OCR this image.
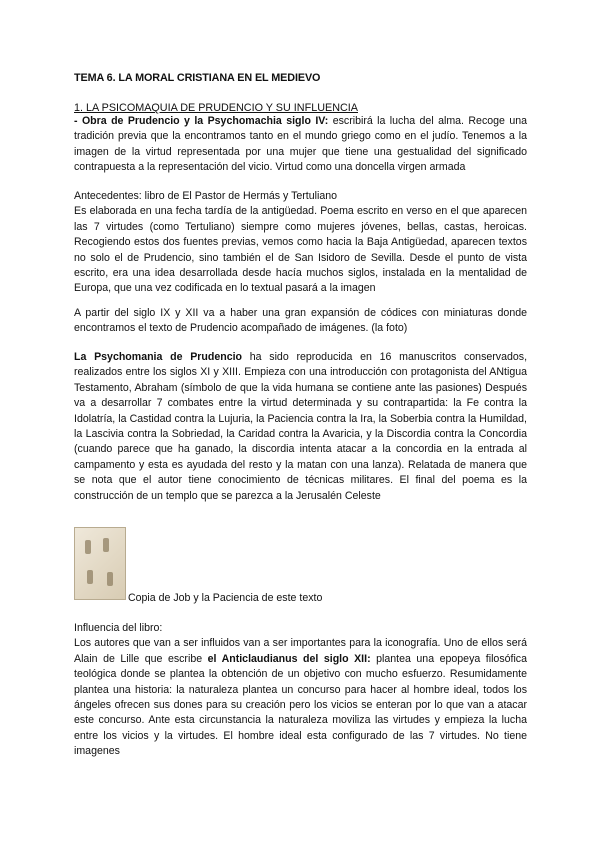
TEMA 6. LA MORAL CRISTIANA EN EL MEDIEVO
1. LA PSICOMAQUIA DE PRUDENCIO Y SU INFLUENCIA
- Obra de Prudencio y la Psychomachia siglo IV: escribirá la lucha del alma. Recoge una tradición previa que la encontramos tanto en el mundo griego como en el judío. Tenemos a la imagen de la virtud representada por una mujer que tiene una gestualidad del significado contrapuesta a la representación del vicio. Virtud como una doncella virgen armada
Antecedentes: libro de El Pastor de Hermás y Tertuliano
Es elaborada en una fecha tardía de la antigüedad. Poema escrito en verso en el que aparecen las 7 virtudes (como Tertuliano) siempre como mujeres jóvenes, bellas, castas, heroicas. Recogiendo estos dos fuentes previas, vemos como hacia la Baja Antigüedad, aparecen textos no solo el de Prudencio, sino también el de San Isidoro de Sevilla. Desde el punto de vista escrito, era una idea desarrollada desde hacía muchos siglos, instalada en la mentalidad de Europa, que una vez codificada en lo textual pasará a la imagen
A partir del siglo IX y XII va a haber una gran expansión de códices con miniaturas donde encontramos el texto de Prudencio acompañado de imágenes. (la foto)
La Psychomania de Prudencio ha sido reproducida en 16 manuscritos conservados, realizados entre los siglos XI y XIII. Empieza con una introducción con protagonista del ANtigua Testamento, Abraham (símbolo de que la vida humana se contiene ante las pasiones) Después va a desarrollar 7 combates entre la virtud determinada y su contrapartida: la Fe contra la Idolatría, la Castidad contra la Lujuria, la Paciencia contra la Ira, la Soberbia contra la Humildad, la Lascivia contra la Sobriedad, la Caridad contra la Avaricia, y la Discordia contra la Concordia (cuando parece que ha ganado, la discordia intenta atacar a la concordia en la entrada al campamento y esta es ayudada del resto y la matan con una lanza). Relatada de manera que se nota que el autor tiene conocimiento de técnicas militares. El final del poema es la construcción de un templo que se parezca a la Jerusalén Celeste
Copia de Job y la Paciencia de este texto
Influencia del libro:
Los autores que van a ser influidos van a ser importantes para la iconografía. Uno de ellos será Alain de Lille que escribe el Anticlaudianus del siglo XII: plantea una epopeya filosófica teológica donde se plantea la obtención de un objetivo con mucho esfuerzo. Resumidamente plantea una historia: la naturaleza plantea un concurso para hacer al hombre ideal, todos los ángeles ofrecen sus dones para su creación pero los vicios se enteran por lo que van a atacar este concurso. Ante esta circunstancia la naturaleza moviliza las virtudes y empieza la lucha entre los vicios y la virtudes. El hombre ideal esta configurado de las 7 virtudes. No tiene imagenes
